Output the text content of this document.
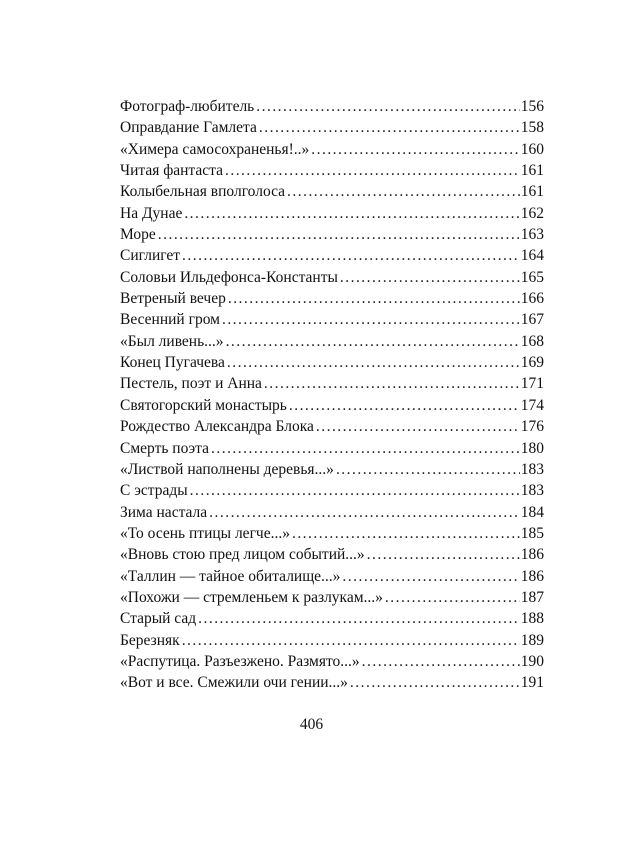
Фотограф-любитель . . .	156
Оправдание Гамлета . . .	158
«Химера самосохраненья!..» . . .	160
Читая фантаста . . .	161
Колыбельная вполголоса . . .	161
На Дунае . . .	162
Море . . .	163
Сиглигет . . .	164
Соловьи Ильдефонса-Константы . . .	165
Ветреный вечер . . .	166
Весенний гром . . .	167
«Был ливень...» . . .	168
Конец Пугачева . . .	169
Пестель, поэт и Анна . . .	171
Святогорский монастырь . . .	174
Рождество Александра Блока . . .	176
Смерть поэта . . .	180
«Листвой наполнены деревья...» . . .	183
С эстрады . . .	183
Зима настала . . .	184
«То осень птицы легче...» . . .	185
«Вновь стою пред лицом событий...» . . .	186
«Таллин — тайное обиталище...» . . .	186
«Похожи — стремленьем к разлукам...» . . .	187
Старый сад . . .	188
Березняк . . .	189
«Распутица. Разъезжено. Размято...» . . .	190
«Вот и все. Смежили очи гении...» . . .	191
406
